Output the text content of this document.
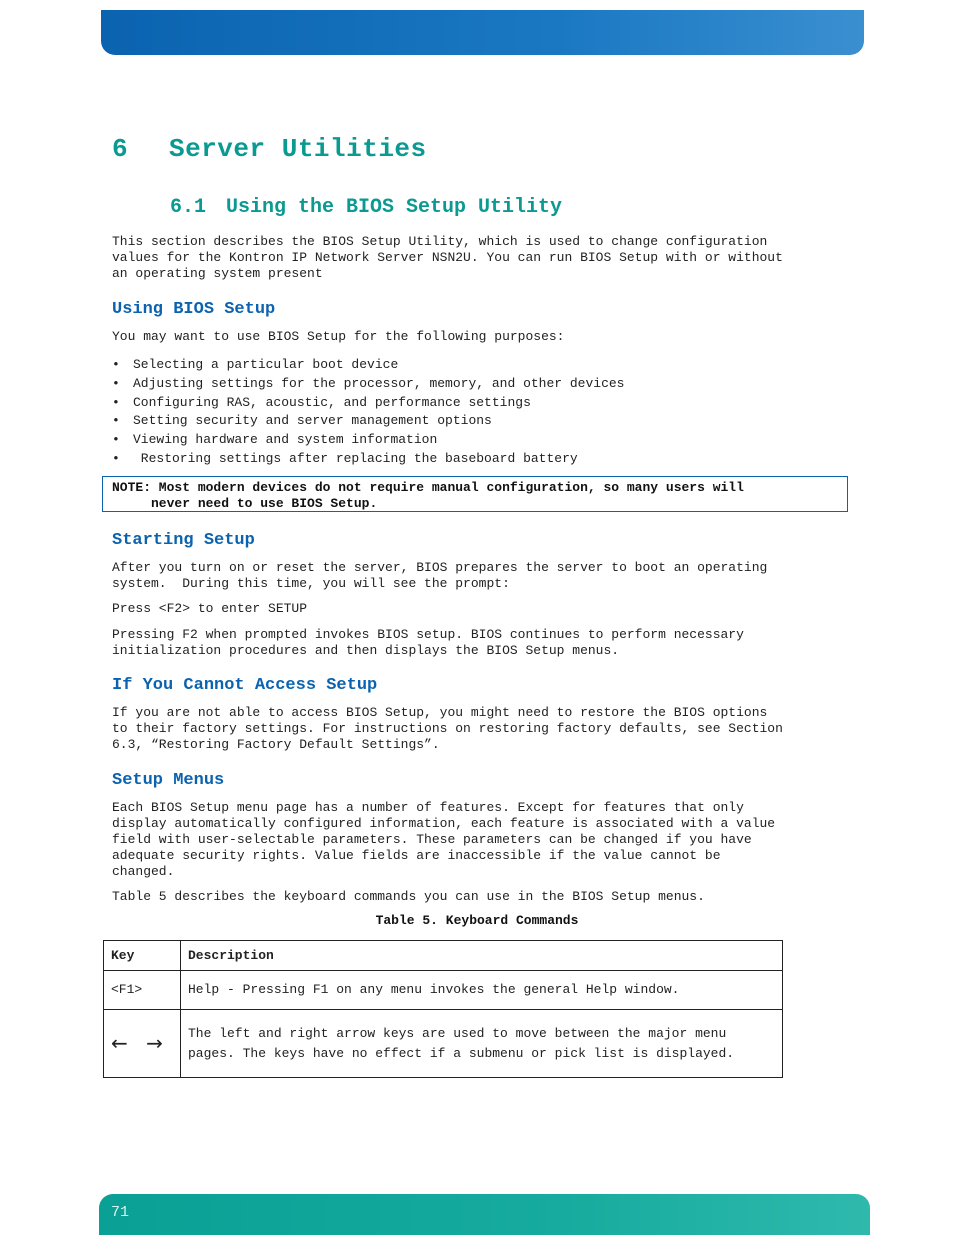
6 Server Utilities
6.1 Using the BIOS Setup Utility
This section describes the BIOS Setup Utility, which is used to change configuration
values for the Kontron IP Network Server NSN2U. You can run BIOS Setup with or without
an operating system present
Using BIOS Setup
You may want to use BIOS Setup for the following purposes:
• Selecting a particular boot device
• Adjusting settings for the processor, memory, and other devices
• Configuring RAS, acoustic, and performance settings
• Setting security and server management options
• Viewing hardware and system information
• Restoring settings after replacing the baseboard battery
NOTE: Most modern devices do not require manual configuration, so many users will
never need to use BIOS Setup.
Starting Setup
After you turn on or reset the server, BIOS prepares the server to boot an operating
system.  During this time, you will see the prompt:
Press <F2> to enter SETUP
Pressing F2 when prompted invokes BIOS setup. BIOS continues to perform necessary
initialization procedures and then displays the BIOS Setup menus.
If You Cannot Access Setup
If you are not able to access BIOS Setup, you might need to restore the BIOS options
to their factory settings. For instructions on restoring factory defaults, see Section
6.3, “Restoring Factory Default Settings”.
Setup Menus
Each BIOS Setup menu page has a number of features. Except for features that only
display automatically configured information, each feature is associated with a value
field with user-selectable parameters. These parameters can be changed if you have
adequate security rights. Value fields are inaccessible if the value cannot be
changed.
Table 5 describes the keyboard commands you can use in the BIOS Setup menus.
Table 5. Keyboard Commands
Key	Description
<F1>	Help - Pressing F1 on any menu invokes the general Help window.
← →	The left and right arrow keys are used to move between the major menu pages. The keys have no effect if a submenu or pick list is displayed.
71
